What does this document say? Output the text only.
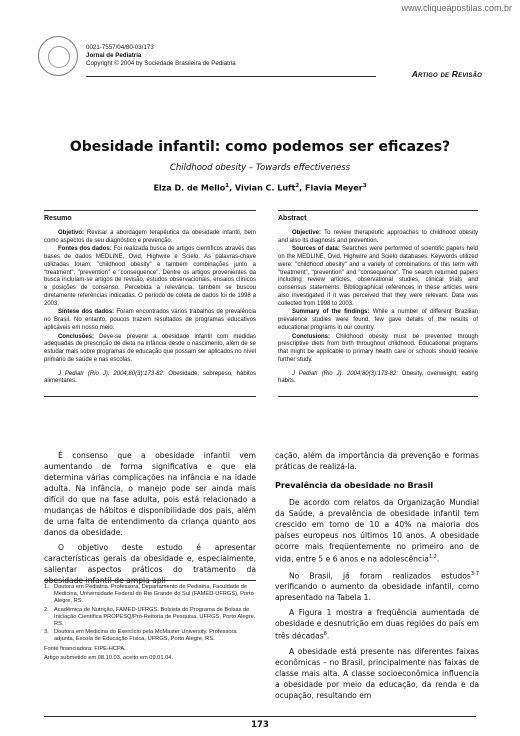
www.cliqueapostilas.com.br
0021-7557/04/80-03/173
Jornal de Pediatria
Copyright © 2004 by Sociedade Brasileira de Pediatria
Artigo de Revisão
Obesidade infantil: como podemos ser eficazes?
Childhood obesity – Towards effectiveness
Elza D. de Mello$^1$, Vivian C. Luft$^2$, Flavia Meyer$^3$
Resumo

Objetivo: Revisar a abordagem terapêutica da obesidade infantil, bem como aspectos de seu diagnóstico e prevenção.

Fontes dos dados: Foi realizada busca de artigos científicos através das bases de dados MEDLINE, Ovid, Highwire e Scielo. As palavras-chave utilizadas foram: "childhood obesity" e também combinações junto a "treatment", "prevention" e "consequence". Dentre os artigos provenientes da busca incluíam-se artigos de revisão, estudos observacionais, ensaios clínicos e posições de consenso. Percebida a relevância, também se buscou diretamente referências indicadas. O período de coleta de dados foi de 1998 a 2003.

Síntese dos dados: Foram encontrados vários trabalhos de prevalência no Brasil. No entanto, poucos trazem resultados de programas educativos aplicáveis em nosso meio.

Conclusões: Deve-se prevenir a obesidade infantil com medidas adequadas de prescrição de dieta na infância desde o nascimento, além de se estudar mais sobre programas de educação que possam ser aplicados no nível primário de saúde e nas escolas.

J Pediatr (Rio J). 2004;80(3):173-82: Obesidade, sobrepeso, hábitos alimentares.

Abstract

Objective: To review therapeutic approaches to childhood obesity and also its diagnosis and prevention.

Sources of data: Searches were performed of scientific papers held on the MEDLINE, Ovid, Highwire and Scielo databases. Keywords utilized were: "childhood obesity" and a variety of combinations of this term with "treatment", "prevention" and "consequence". The search returned papers including review articles, observational studies, clinical trials and consensus statements. Bibliographical references in these articles were also investigated if it was perceived that they were relevant. Data was collected from 1998 to 2003.

Summary of the findings: While a number of different Brazilian prevalence studies were found, few gave details of the results of educational programs in our country.

Conclusions: Childhood obesity must be prevented through prescriptive diets from birth throughout childhood. Educational programs that might be applicable to primary health care or schools should receive further study.

J Pediatr (Rio J). 2004;80(3):173-82: Obesity, overweight, eating habits.

É consenso que a obesidade infantil vem aumentando de forma significativa e que ela determina várias complicações na infância e na idade adulta. Na infância, o manejo pode ser ainda mais difícil do que na fase adulta, pois está relacionado a mudanças de hábitos e disponibilidade dos pais, além de uma falta de entendimento da criança quanto aos danos da obesidade.

O objetivo deste estudo é apresentar características gerais da obesidade e, especialmente, salientar aspectos práticos do tratamento da obesidade infantil de ampla apli-

1. Doutora em Pediatria. Professora, Departamento de Pediatria, Faculdade de Medicina, Universidade Federal do Rio Grande do Sul (FAMED-UFRGS), Porto Alegre, RS.
2. Acadêmica de Nutrição, FAMED-UFRGS. Bolsista do Programa de Bolsas de Iniciação Científica PROPESQ/Pró-Reitoria de Pesquisa, UFRGS, Porto Alegre, RS.
3. Doutora em Medicina do Exercício pela McMaster University. Professora adjunta, Escola de Educação Física, UFRGS, Porto Alegre, RS.
Fonte financiadora: FIPE-HCPA.
Artigo submetido em 08.10.03, aceito em 09.01.04.

cação, além da importância da prevenção e formas práticas de realizá-la.

Prevalência da obesidade no Brasil

De acordo com relatos da Organização Mundial da Saúde, a prevalência de obesidade infantil tem crescido em torno de 10 a 40% na maioria dos países europeus nos últimos 10 anos. A obesidade ocorre mais freqüentemente no primeiro ano de vida, entre 5 e 6 anos e na adolescência$^{1,2}$.

No Brasil, já foram realizados estudos$^{3-7}$ verificando o aumento da obesidade infantil, como apresentado na Tabela 1.

A Figura 1 mostra a freqüência aumentada de obesidade e desnutrição em duas regiões do país em três décadas$^8$.

A obesidade está presente nas diferentes faixas econômicas – no Brasil, principalmente nas faixas de classe mais alta. A classe socioeconômica influencia a obesidade por meio da educação, da renda e da ocupação, resultando em

173
